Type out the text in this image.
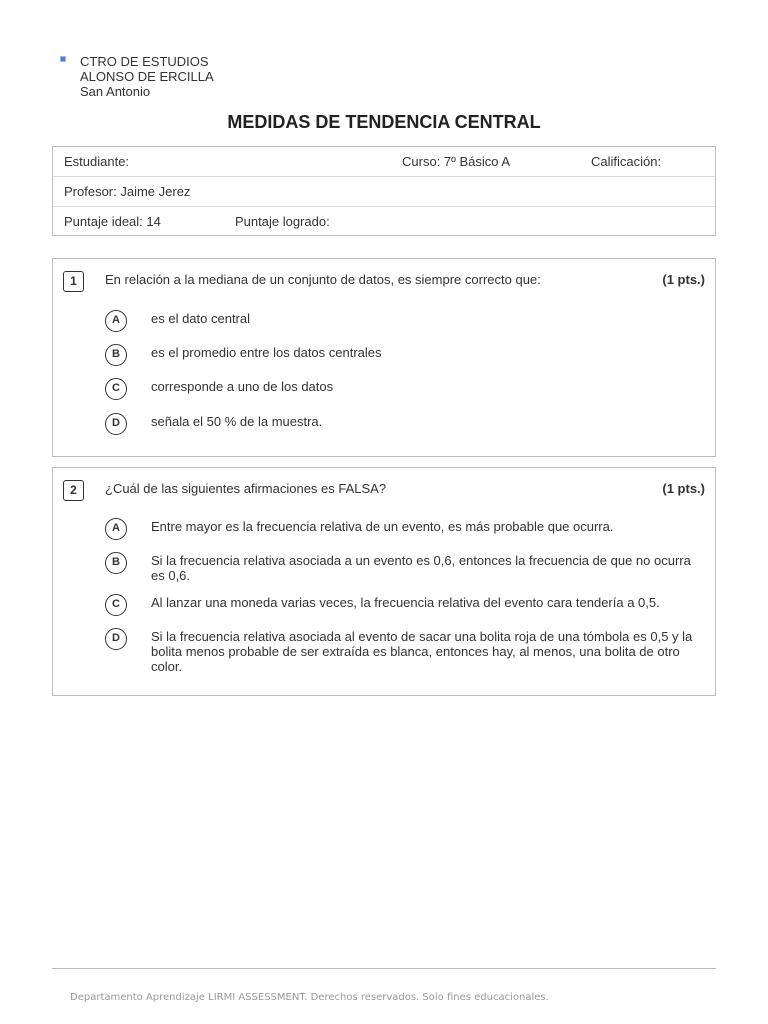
CTRO DE ESTUDIOS
ALONSO DE ERCILLA
San Antonio
MEDIDAS DE TENDENCIA CENTRAL
Estudiante:	Curso: 7º Básico A	Calificación:
Profesor: Jaime Jerez
Puntaje ideal: 14	Puntaje logrado:
1	En relación a la mediana de un conjunto de datos, es siempre correcto que:	(1 pts.)
A	es el dato central
B	es el promedio entre los datos centrales
C	corresponde a uno de los datos
D	señala el 50 % de la muestra.
2	¿Cuál de las siguientes afirmaciones es FALSA?	(1 pts.)
A	Entre mayor es la frecuencia relativa de un evento, es más probable que ocurra.
B	Si la frecuencia relativa asociada a un evento es 0,6, entonces la frecuencia de que no ocurra es 0,6.
C	Al lanzar una moneda varias veces, la frecuencia relativa del evento cara tendería a 0,5.
D	Si la frecuencia relativa asociada al evento de sacar una bolita roja de una tómbola es 0,5 y la bolita menos probable de ser extraída es blanca, entonces hay, al menos, una bolita de otro color.
Departamento Aprendizaje LIRMI ASSESSMENT. Derechos reservados. Solo fines educacionales.
